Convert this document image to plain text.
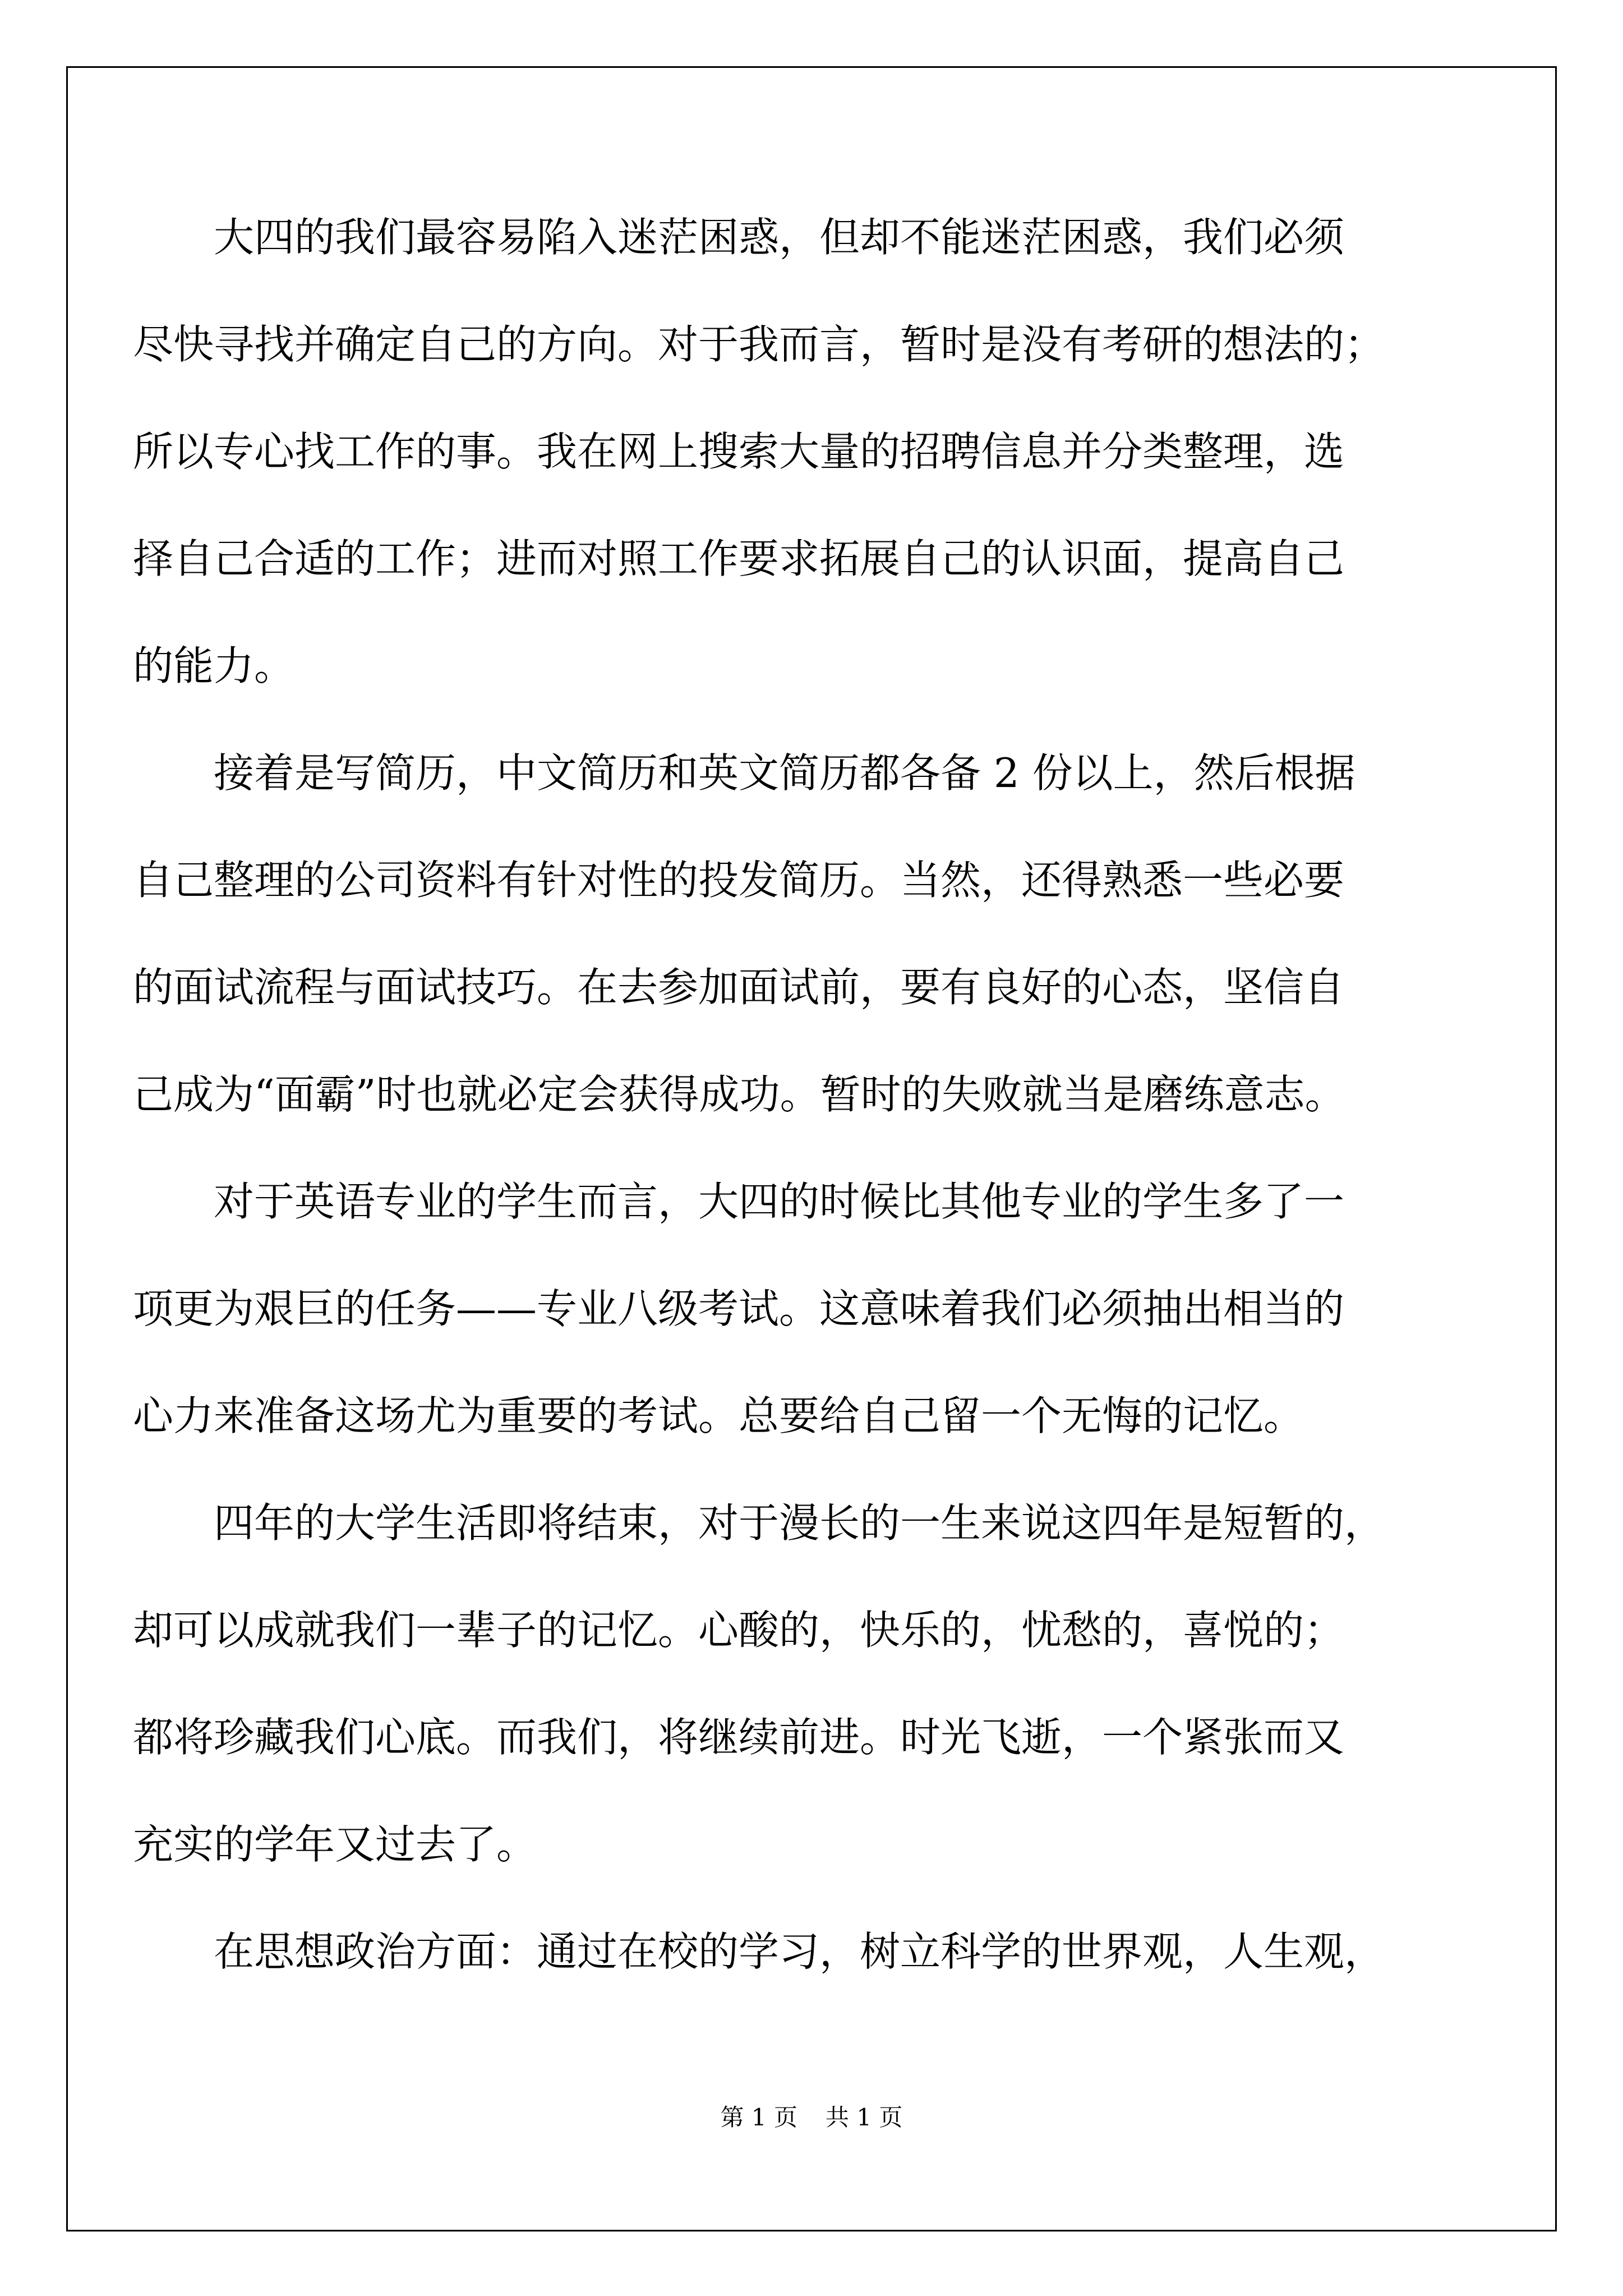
大四的我们最容易陷入迷茫困惑，但却不能迷茫困惑，我们必须
尽快寻找并确定自己的方向。对于我而言，暂时是没有考研的想法的；
所以专心找工作的事。我在网上搜索大量的招聘信息并分类整理，选
择自己合适的工作；进而对照工作要求拓展自己的认识面，提高自己
的能力。
接着是写简历，中文简历和英文简历都各备 2 份以上，然后根据
自己整理的公司资料有针对性的投发简历。当然，还得熟悉一些必要
的面试流程与面试技巧。在去参加面试前，要有良好的心态，坚信自
己成为“面霸”时也就必定会获得成功。暂时的失败就当是磨练意志。
对于英语专业的学生而言，大四的时候比其他专业的学生多了一
项更为艰巨的任务——专业八级考试。这意味着我们必须抽出相当的
心力来准备这场尤为重要的考试。总要给自己留一个无悔的记忆。
四年的大学生活即将结束，对于漫长的一生来说这四年是短暂的，
却可以成就我们一辈子的记忆。心酸的，快乐的，忧愁的，喜悦的；
都将珍藏我们心底。而我们，将继续前进。时光飞逝，一个紧张而又
充实的学年又过去了。
在思想政治方面：通过在校的学习，树立科学的世界观，人生观，
第 1 页 共 1 页
